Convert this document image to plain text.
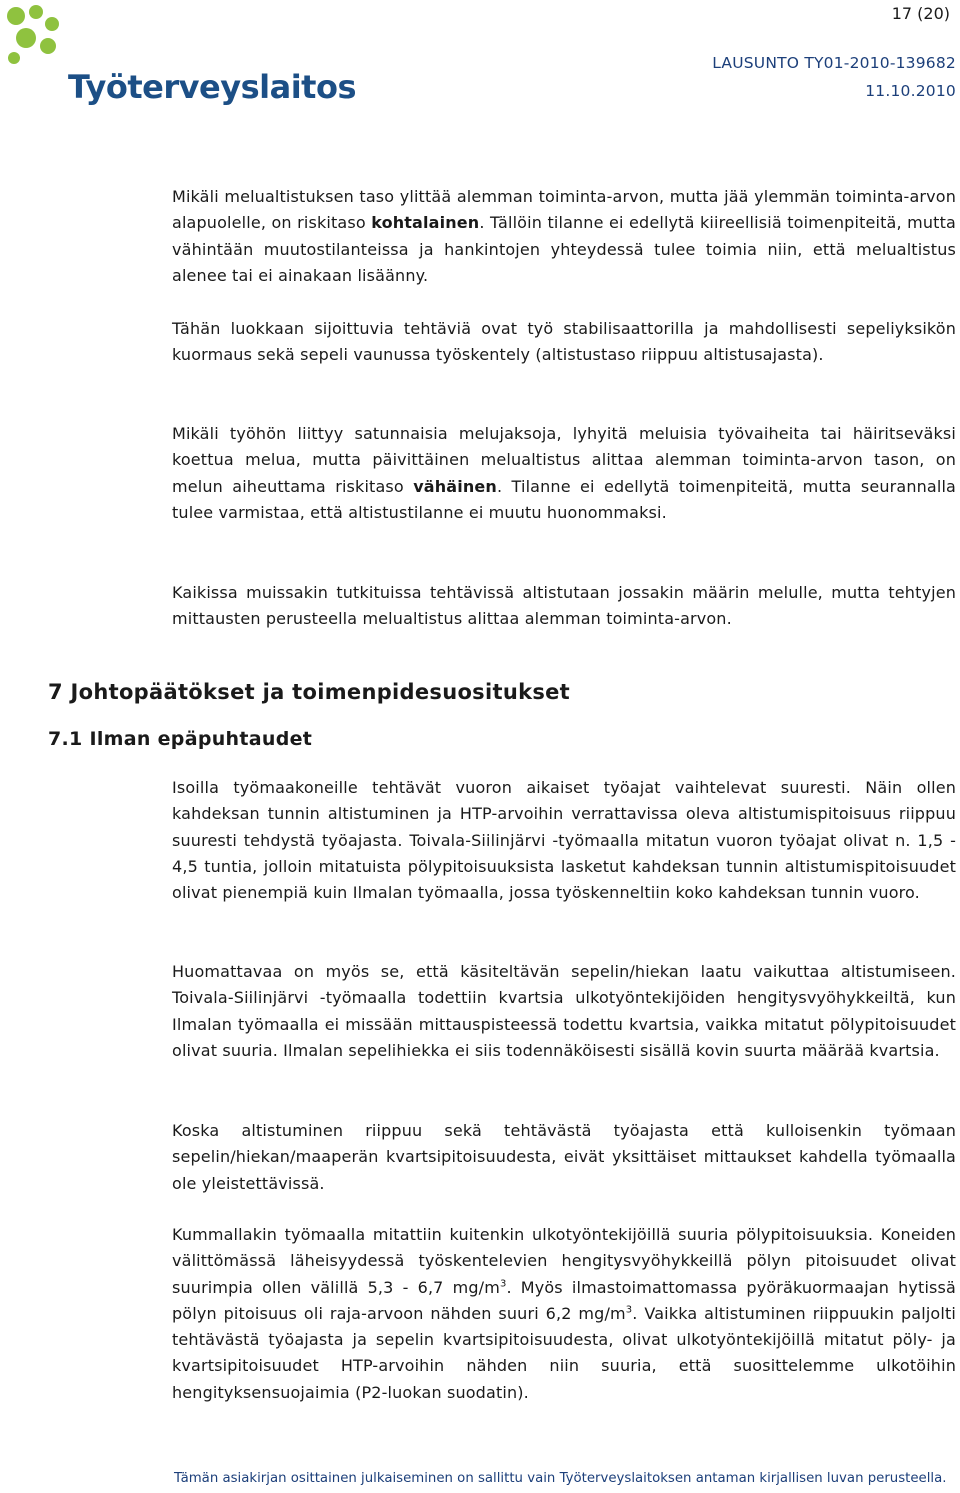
Työterveyslaitos
17 (20)
LAUSUNTO TY01-2010-139682
11.10.2010

Mikäli melualtistuksen taso ylittää alemman toiminta-arvon, mutta jää ylemmän toiminta-arvon alapuolelle, on riskitaso kohtalainen. Tällöin tilanne ei edellytä kiireellisiä toimenpiteitä, mutta vähintään muutostilanteissa ja hankintojen yhteydessä tulee toimia niin, että melualtistus alenee tai ei ainakaan lisäänny.

Tähän luokkaan sijoittuvia tehtäviä ovat työ stabilisaattorilla ja mahdollisesti sepeliyksikön kuormaus sekä sepeli vaunussa työskentely (altistustaso riippuu altistusajasta).

Mikäli työhön liittyy satunnaisia melujaksoja, lyhyitä meluisia työvaiheita tai häiritseväksi koettua melua, mutta päivittäinen melualtistus alittaa alemman toiminta-arvon tason, on melun aiheuttama riskitaso vähäinen. Tilanne ei edellytä toimenpiteitä, mutta seurannalla tulee varmistaa, että altistustilanne ei muutu huonommaksi.

Kaikissa muissakin tutkituissa tehtävissä altistutaan jossakin määrin melulle, mutta tehtyjen mittausten perusteella melualtistus alittaa alemman toiminta-arvon.

7 Johtopäätökset ja toimenpidesuositukset
7.1 Ilman epäpuhtaudet

Isoilla työmaakoneille tehtävät vuoron aikaiset työajat vaihtelevat suuresti. Näin ollen kahdeksan tunnin altistuminen ja HTP-arvoihin verrattavissa oleva altistumispitoisuus riippuu suuresti tehdystä työajasta. Toivala-Siilinjärvi -työmaalla mitatun vuoron työajat olivat n. 1,5 - 4,5 tuntia, jolloin mitatuista pölypitoisuuksista lasketut kahdeksan tunnin altistumispitoisuudet olivat pienempiä kuin Ilmalan työmaalla, jossa työskenneltiin koko kahdeksan tunnin vuoro.

Huomattavaa on myös se, että käsiteltävän sepelin/hiekan laatu vaikuttaa altistumiseen. Toivala-Siilinjärvi -työmaalla todettiin kvartsia ulkotyöntekijöiden hengitysvyöhykkeiltä, kun Ilmalan työmaalla ei missään mittauspisteessä todettu kvartsia, vaikka mitatut pölypitoisuudet olivat suuria. Ilmalan sepelihiekka ei siis todennäköisesti sisällä kovin suurta määrää kvartsia.

Koska altistuminen riippuu sekä tehtävästä työajasta että kulloisenkin työmaan sepelin/hiekan/maaperän kvartsipitoisuudesta, eivät yksittäiset mittaukset kahdella työmaalla ole yleistettävissä.

Kummallakin työmaalla mitattiin kuitenkin ulkotyöntekijöillä suuria pölypitoisuuksia. Koneiden välittömässä läheisyydessä työskentelevien hengitysvyöhykkeillä pölyn pitoisuudet olivat suurimpia ollen välillä 5,3 - 6,7 $mg/m^3$. Myös ilmastoimattomassa pyöräkuormaajan hytissä pölyn pitoisuus oli raja-arvoon nähden suuri 6,2 $mg/m^3$. Vaikka altistuminen riippuukin paljolti tehtävästä työajasta ja sepelin kvartsipitoisuudesta, olivat ulkotyöntekijöillä mitatut pöly- ja kvartsipitoisuudet HTP-arvoihin nähden niin suuria, että suosittelemme ulkotöihin hengityksensuojaimia (P2-luokan suodatin).

Tämän asiakirjan osittainen julkaiseminen on sallittu vain Työterveyslaitoksen antaman kirjallisen luvan perusteella.
